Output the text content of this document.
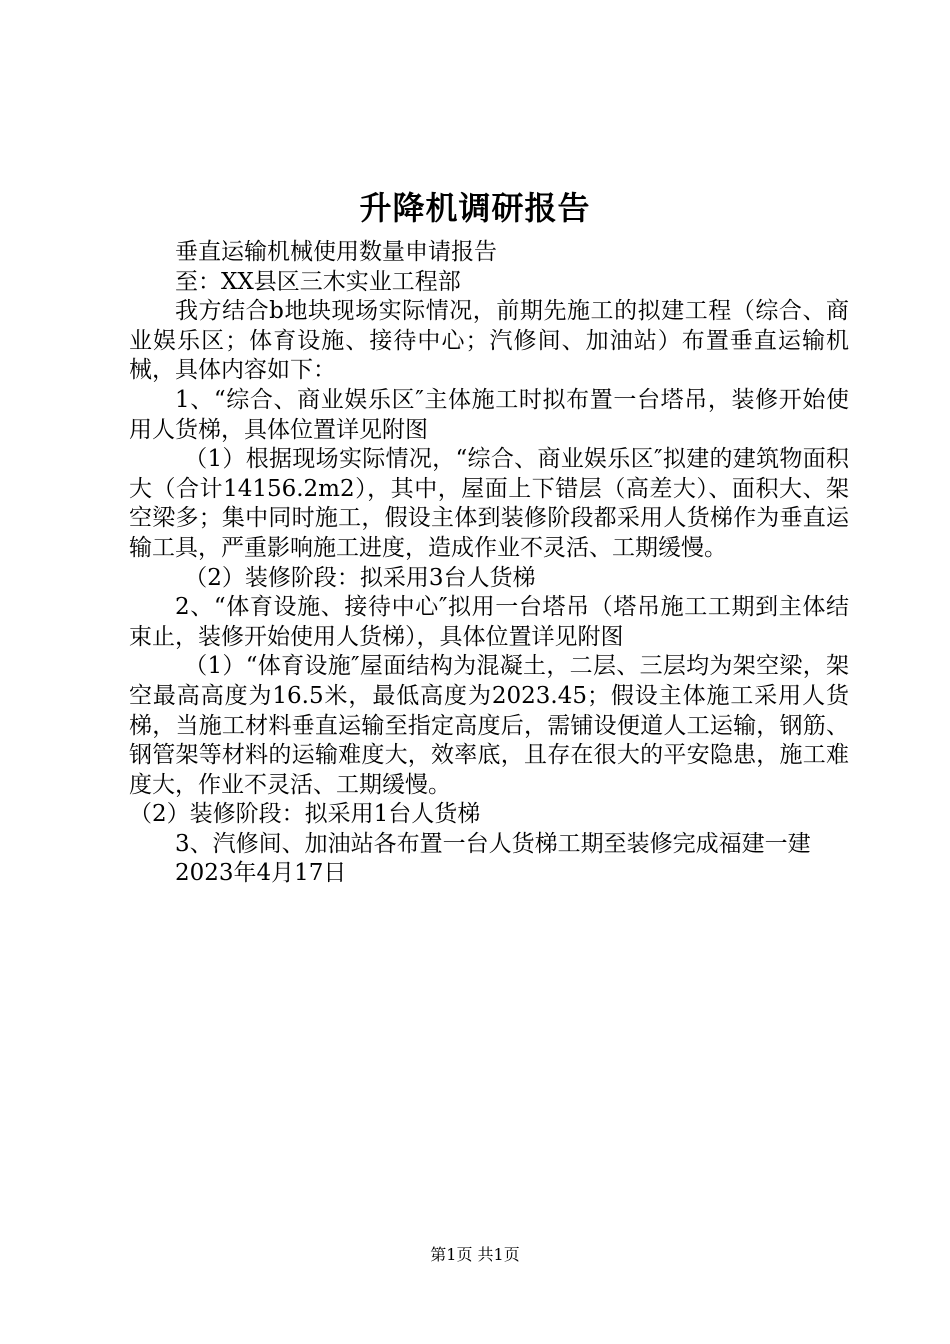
升降机调研报告

垂直运输机械使用数量申请报告

至：XX县区三木实业工程部

我方结合b地块现场实际情况，前期先施工的拟建工程（综合、商业娱乐区；体育设施、接待中心；汽修间、加油站）布置垂直运输机械，具体内容如下：

1、“综合、商业娱乐区″主体施工时拟布置一台塔吊，装修开始使用人货梯，具体位置详见附图

（1）根据现场实际情况，“综合、商业娱乐区″拟建的建筑物面积大（合计14156.2m2），其中，屋面上下错层（高差大）、面积大、架空梁多；集中同时施工，假设主体到装修阶段都采用人货梯作为垂直运输工具，严重影响施工进度，造成作业不灵活、工期缓慢。

（2）装修阶段：拟采用3台人货梯

2、“体育设施、接待中心″拟用一台塔吊（塔吊施工工期到主体结束止，装修开始使用人货梯），具体位置详见附图

（1）“体育设施″屋面结构为混凝土，二层、三层均为架空梁，架空最高高度为16.5米，最低高度为2023.45；假设主体施工采用人货梯，当施工材料垂直运输至指定高度后，需铺设便道人工运输，钢筋、钢管架等材料的运输难度大，效率底，且存在很大的平安隐患，施工难度大，作业不灵活、工期缓慢。

（2）装修阶段：拟采用1台人货梯

3、汽修间、加油站各布置一台人货梯工期至装修完成福建一建

2023年4月17日

第1页 共1页
